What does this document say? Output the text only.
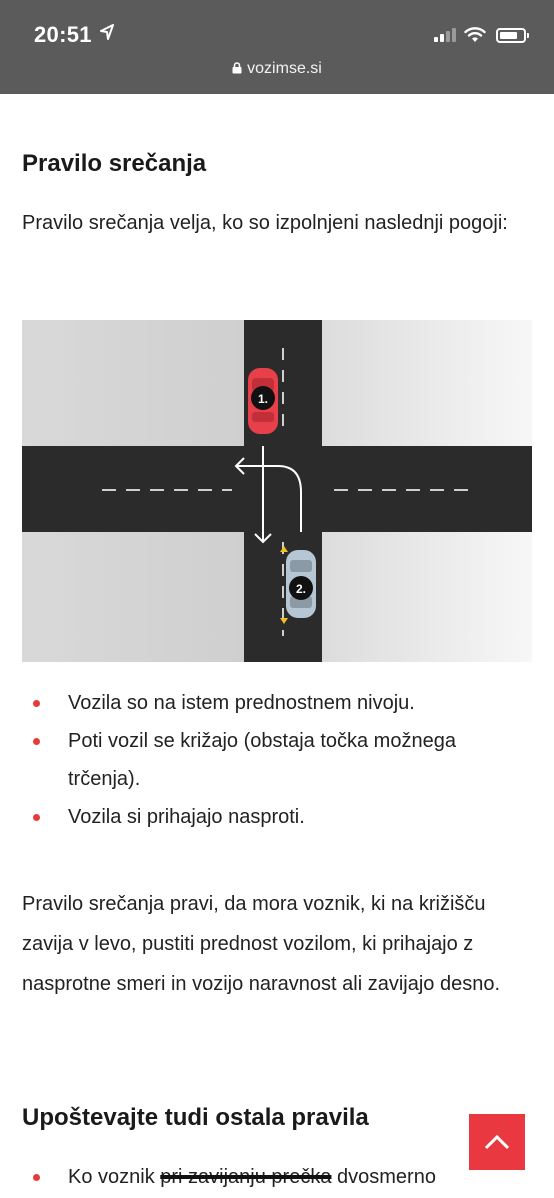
20:51
vozimse.si
Pravilo srečanja

Pravilo srečanja velja, ko so izpolnjeni naslednji pogoji:

1.
2.
Vozila so na istem prednostnem nivoju.
Poti vozil se križajo (obstaja točka možnega trčenja).
Vozila si prihajajo nasproti.

Pravilo srečanja pravi, da mora voznik, ki na križišču zavija v levo, pustiti prednost vozilom, ki prihajajo z nasprotne smeri in vozijo naravnost ali zavijajo desno.

Upoštevajte tudi ostala pravila
Ko voznik pri zavijanju prečka dvosmerno
